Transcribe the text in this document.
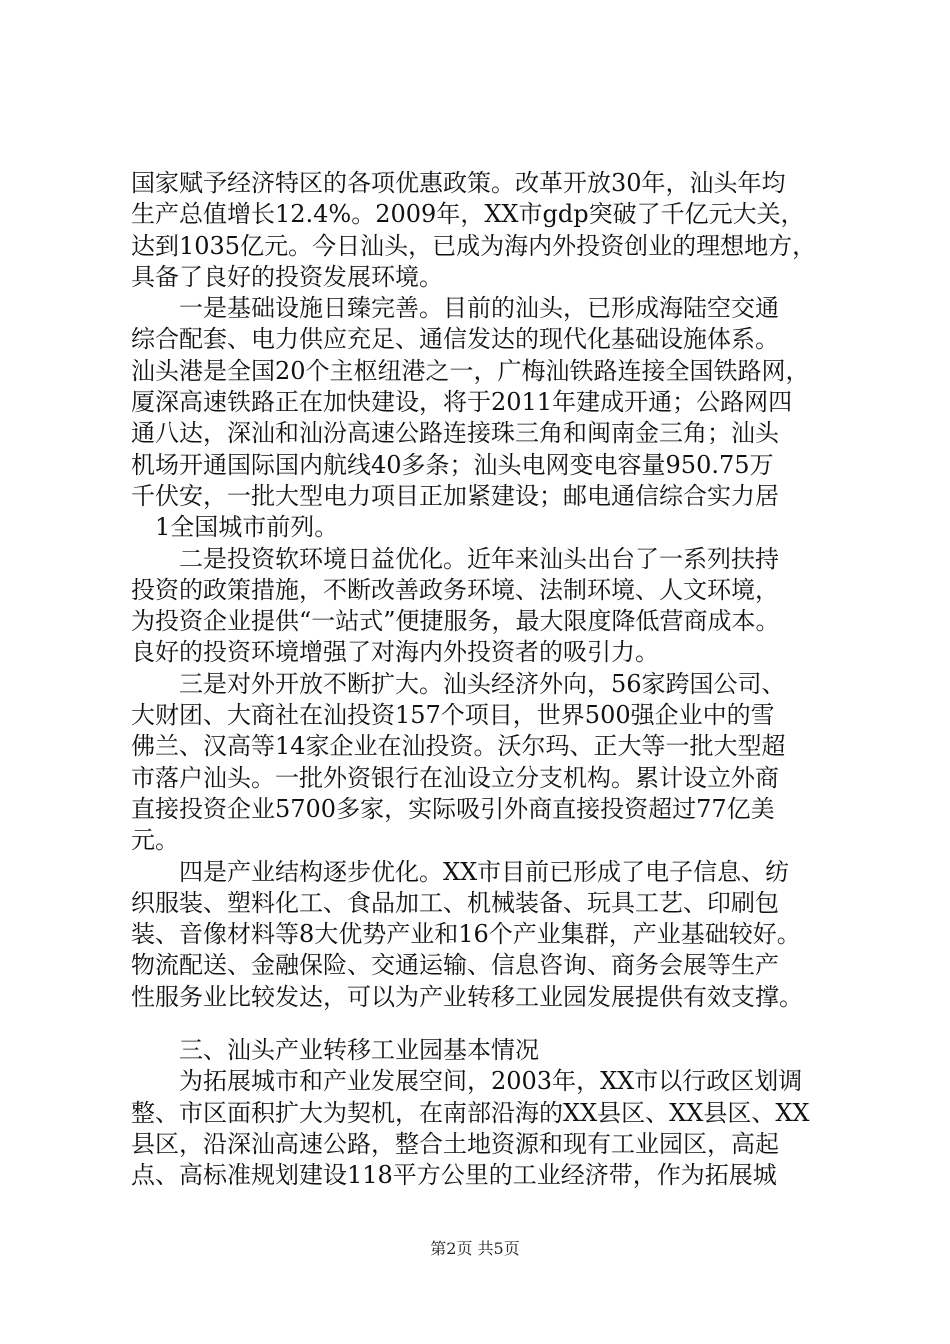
国家赋予经济特区的各项优惠政策。改革开放30年，汕头年均
生产总值增长12.4%。2009年，XX市gdp突破了千亿元大关，
达到1035亿元。今日汕头，已成为海内外投资创业的理想地方，
具备了良好的投资发展环境。
一是基础设施日臻完善。目前的汕头，已形成海陆空交通
综合配套、电力供应充足、通信发达的现代化基础设施体系。
汕头港是全国20个主枢纽港之一，广梅汕铁路连接全国铁路网，
厦深高速铁路正在加快建设，将于2011年建成开通；公路网四
通八达，深汕和汕汾高速公路连接珠三角和闽南金三角；汕头
机场开通国际国内航线40多条；汕头电网变电容量950.75万
千伏安，一批大型电力项目正加紧建设；邮电通信综合实力居
1全国城市前列。
二是投资软环境日益优化。近年来汕头出台了一系列扶持
投资的政策措施，不断改善政务环境、法制环境、人文环境，
为投资企业提供“一站式”便捷服务，最大限度降低营商成本。
良好的投资环境增强了对海内外投资者的吸引力。
三是对外开放不断扩大。汕头经济外向，56家跨国公司、
大财团、大商社在汕投资157个项目，世界500强企业中的雪
佛兰、汉高等14家企业在汕投资。沃尔玛、正大等一批大型超
市落户汕头。一批外资银行在汕设立分支机构。累计设立外商
直接投资企业5700多家，实际吸引外商直接投资超过77亿美
元。
四是产业结构逐步优化。XX市目前已形成了电子信息、纺
织服装、塑料化工、食品加工、机械装备、玩具工艺、印刷包
装、音像材料等8大优势产业和16个产业集群，产业基础较好。
物流配送、金融保险、交通运输、信息咨询、商务会展等生产
性服务业比较发达，可以为产业转移工业园发展提供有效支撑。
三、汕头产业转移工业园基本情况
为拓展城市和产业发展空间，2003年，XX市以行政区划调
整、市区面积扩大为契机，在南部沿海的XX县区、XX县区、XX
县区，沿深汕高速公路，整合土地资源和现有工业园区，高起
点、高标准规划建设118平方公里的工业经济带，作为拓展城
第2页 共5页
